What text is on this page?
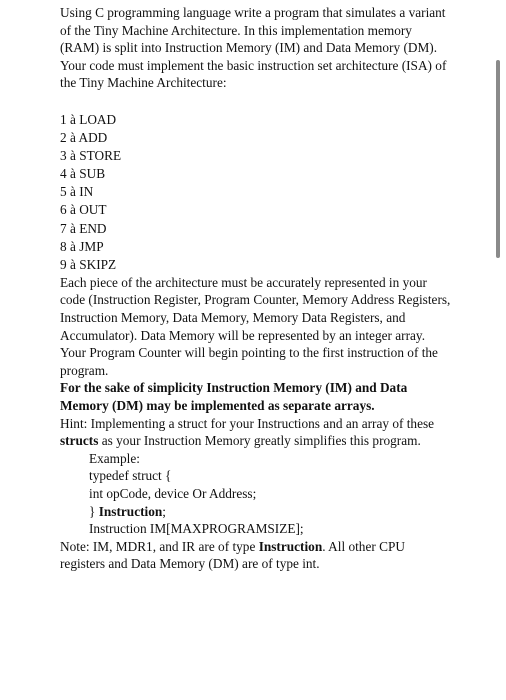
Using C programming language write a program that simulates a variant of the Tiny Machine Architecture. In this implementation memory (RAM) is split into Instruction Memory (IM) and Data Memory (DM). Your code must implement the basic instruction set architecture (ISA) of the Tiny Machine Architecture:

1 à LOAD
2 à ADD
3 à STORE
4 à SUB
5 à IN
6 à OUT
7 à END
8 à JMP
9 à SKIPZ

Each piece of the architecture must be accurately represented in your code (Instruction Register, Program Counter, Memory Address Registers, Instruction Memory, Data Memory, Memory Data Registers, and Accumulator). Data Memory will be represented by an integer array. Your Program Counter will begin pointing to the first instruction of the program.

For the sake of simplicity Instruction Memory (IM) and Data Memory (DM) may be implemented as separate arrays.

Hint: Implementing a struct for your Instructions and an array of these structs as your Instruction Memory greatly simplifies this program.

Example:

typedef struct {

int opCode, device Or Address;

} Instruction;

Instruction IM[MAXPROGRAMSIZE];

Note: IM, MDR1, and IR are of type Instruction. All other CPU registers and Data Memory (DM) are of type int.
